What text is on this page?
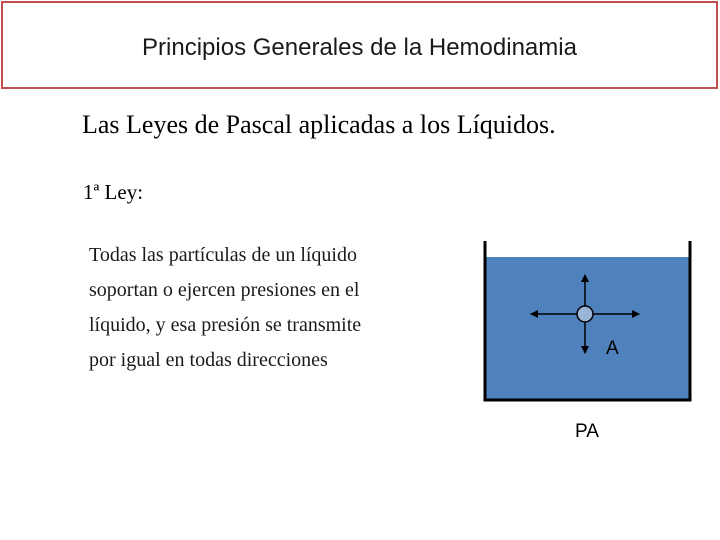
Principios Generales de la Hemodinamia
Las Leyes de Pascal aplicadas a los Líquidos.
1ª Ley:
Todas las partículas de un líquido
soportan o ejercen presiones en el
líquido, y esa presión se transmite
por igual en todas direcciones
A
PA
